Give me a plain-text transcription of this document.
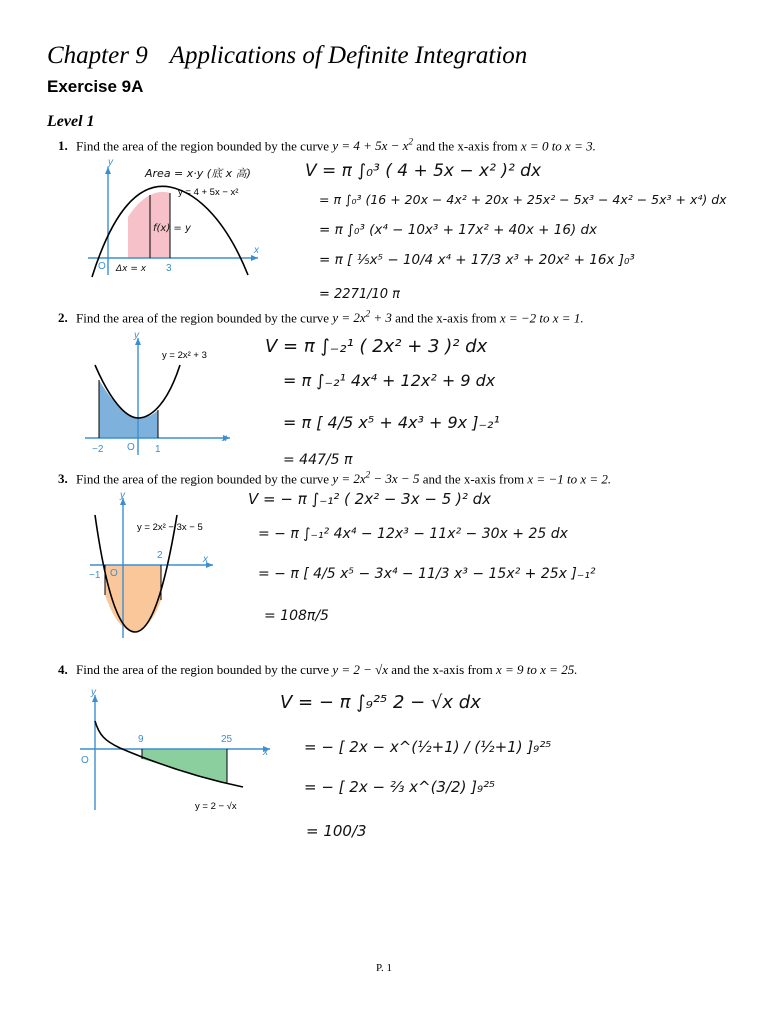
Chapter 9 Applications of Definite Integration
Exercise 9A
Level 1
1. Find the area of the region bounded by the curve $y = 4 + 5x - x^2$ and the x-axis from x = 0 to x = 3.
y
x
O	3
y = 4 + 5x − x²
Area = x·y (底 x 高)
f(x) = y
Δx = x
V = π ∫₀³ ( 4 + 5x − x² )² dx
= π ∫₀³ (16 + 20x − 4x² + 20x + 25x² − 5x³ − 4x² − 5x³ + x⁴) dx
= π ∫₀³ (x⁴ − 10x³ + 17x² + 40x + 16) dx
= π [ ⅕x⁵ − 10/4 x⁴ + 17/3 x³ + 20x² + 16x ]₀³
= 2271/10 π
2. Find the area of the region bounded by the curve $y = 2x^2 + 3$ and the x-axis from x = −2 to x = 1.
y
x
−2 O 1
y = 2x² + 3	V = π ∫₋₂¹ ( 2x² + 3 )² dx
= π ∫₋₂¹ 4x⁴ + 12x² + 9 dx
= π [ 4/5 x⁵ + 4x³ + 9x ]₋₂¹
= 447/5 π
3. Find the area of the region bounded by the curve $y = 2x^2 - 3x - 5$ and the x-axis from x = −1 to x = 2.
y
x
−1 O
2
y = 2x² − 3x − 5
V = − π ∫₋₁² ( 2x² − 3x − 5 )² dx
= − π ∫₋₁² 4x⁴ − 12x³ − 11x² − 30x + 25 dx
= − π [ 4/5 x⁵ − 3x⁴ − 11/3 x³ − 15x² + 25x ]₋₁²
= 108π/5
4. Find the area of the region bounded by the curve y = 2 − √x and the x-axis from x = 9 to x = 25.
y
x
O
9	25
y = 2 − √x
V = − π ∫₉²⁵ 2 − √x dx
= − [ 2x − x^(½+1) / (½+1) ]₉²⁵
= − [ 2x − ⅔ x^(3/2) ]₉²⁵
= 100/3
P. 1
